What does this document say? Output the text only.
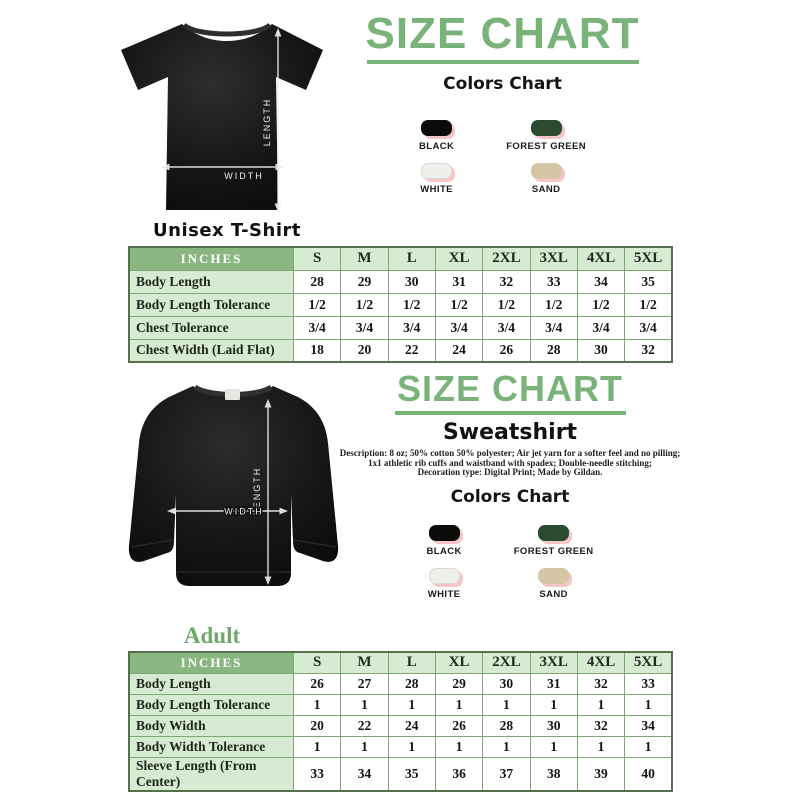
LENGTH
WIDTH
Unisex T-Shirt
SIZE CHART
Colors Chart
BLACK	FOREST GREEN
WHITE	SAND
INCHES	S	M	L	XL	2XL	3XL	4XL	5XL
Body Length	28	29	30	31	32	33	34	35
Body Length Tolerance	1/2	1/2	1/2	1/2	1/2	1/2	1/2	1/2
Chest Tolerance	3/4	3/4	3/4	3/4	3/4	3/4	3/4	3/4
Chest Width (Laid Flat)	18	20	22	24	26	28	30	32
LENGTH
WIDTH
Adult
SIZE CHART
Sweatshirt
Description: 8 oz; 50% cotton 50% polyester; Air jet yarn for a softer feel and no pilling;
1x1 athletic rib cuffs and waistband with spadex; Double-needle stitching;
Decoration type: Digital Print; Made by Gildan.
Colors Chart
BLACK	FOREST GREEN
WHITE	SAND
INCHES	S	M	L	XL	2XL	3XL	4XL	5XL
Body Length	26	27	28	29	30	31	32	33
Body Length Tolerance	1	1	1	1	1	1	1	1
Body Width	20	22	24	26	28	30	32	34
Body Width Tolerance	1	1	1	1	1	1	1	1
Sleeve Length (From Center)	33	34	35	36	37	38	39	40
